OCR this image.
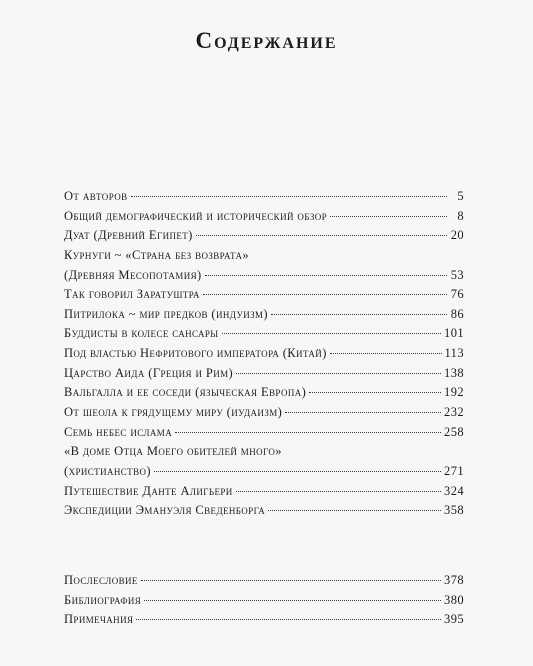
Содержание
От авторов	5
Общий демографический и исторический обзор	8
Дуат (Древний Египет)	20
Курнуги ~ «Страна без возврата»
(Древняя Месопотамия)	53
Так говорил Заратуштра	76
Питрилока ~ мир предков (индуизм)	86
Буддисты в колесе сансары	101
Под властью Нефритового императора (Китай)	113
Царство Аида (Греция и Рим)	138
Вальгалла и ее соседи (языческая Европа)	192
От шеола к грядущему миру (иудаизм)	232
Семь небес ислама	258
«В доме Отца Моего обителей много»
(христианство)	271
Путешествие Данте Алигьери	324
Экспедиции Эмануэля Сведенборга	358
Послесловие	378
Библиография	380
Примечания	395
